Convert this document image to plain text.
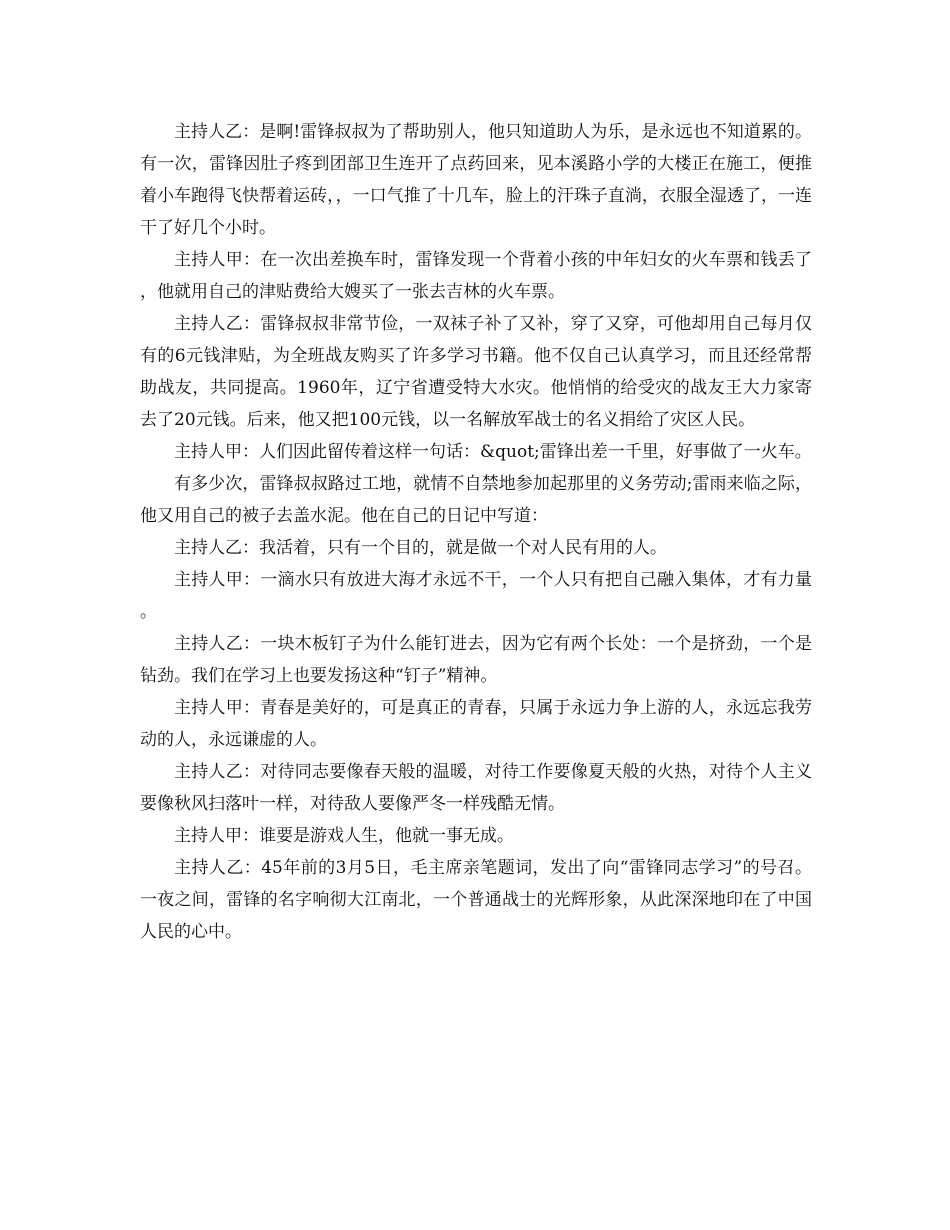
主持人乙：是啊!雷锋叔叔为了帮助别人，他只知道助人为乐，是永远也不知道累的。有一次，雷锋因肚子疼到团部卫生连开了点药回来，见本溪路小学的大楼正在施工，便推着小车跑得飞快帮着运砖，，一口气推了十几车，脸上的汗珠子直淌，衣服全湿透了，一连干了好几个小时。

主持人甲：在一次出差换车时，雷锋发现一个背着小孩的中年妇女的火车票和钱丢了，他就用自己的津贴费给大嫂买了一张去吉林的火车票。

主持人乙：雷锋叔叔非常节俭，一双袜子补了又补，穿了又穿，可他却用自己每月仅有的6元钱津贴，为全班战友购买了许多学习书籍。他不仅自己认真学习，而且还经常帮助战友，共同提高。1960年，辽宁省遭受特大水灾。他悄悄的给受灾的战友王大力家寄去了20元钱。后来，他又把100元钱，以一名解放军战士的名义捐给了灾区人民。

主持人甲：人们因此留传着这样一句话：&quot;雷锋出差一千里，好事做了一火车。

有多少次，雷锋叔叔路过工地，就情不自禁地参加起那里的义务劳动;雷雨来临之际，他又用自己的被子去盖水泥。他在自己的日记中写道：

主持人乙：我活着，只有一个目的，就是做一个对人民有用的人。

主持人甲：一滴水只有放进大海才永远不干，一个人只有把自己融入集体，才有力量。

主持人乙：一块木板钉子为什么能钉进去，因为它有两个长处：一个是挤劲，一个是钻劲。我们在学习上也要发扬这种“钉子”精神。

主持人甲：青春是美好的，可是真正的青春，只属于永远力争上游的人，永远忘我劳动的人，永远谦虚的人。

主持人乙：对待同志要像春天般的温暖，对待工作要像夏天般的火热，对待个人主义要像秋风扫落叶一样，对待敌人要像严冬一样残酷无情。

主持人甲：谁要是游戏人生，他就一事无成。

主持人乙：45年前的3月5日，毛主席亲笔题词，发出了向“雷锋同志学习”的号召。一夜之间，雷锋的名字响彻大江南北，一个普通战士的光辉形象，从此深深地印在了中国人民的心中。
